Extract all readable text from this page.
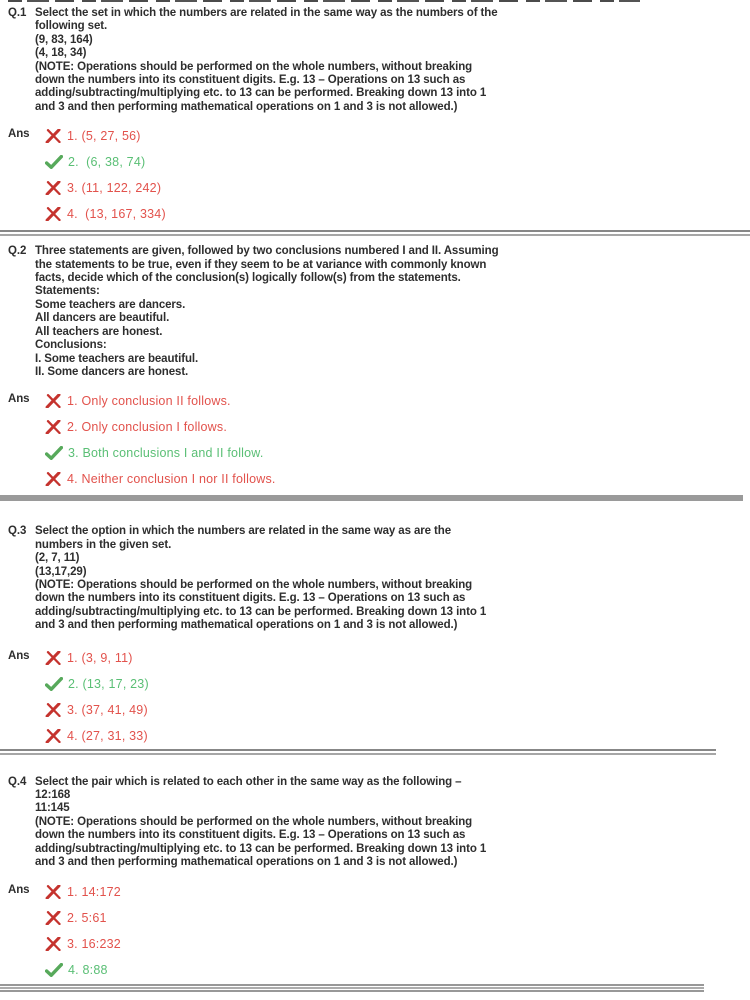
Q.1 Select the set in which the numbers are related in the same way as the numbers of the
following set.
(9, 83, 164)
(4, 18, 34)
(NOTE: Operations should be performed on the whole numbers, without breaking
down the numbers into its constituent digits. E.g. 13 – Operations on 13 such as
adding/subtracting/multiplying etc. to 13 can be performed. Breaking down 13 into 1
and 3 and then performing mathematical operations on 1 and 3 is not allowed.)
Ans	1. (5, 27, 56)
2.  (6, 38, 74)
3. (11, 122, 242)
4.  (13, 167, 334)
Q.2 Three statements are given, followed by two conclusions numbered I and II. Assuming
the statements to be true, even if they seem to be at variance with commonly known
facts, decide which of the conclusion(s) logically follow(s) from the statements.
Statements:
Some teachers are dancers.
All dancers are beautiful.
All teachers are honest.
Conclusions:
I. Some teachers are beautiful.
II. Some dancers are honest.
Ans	1. Only conclusion II follows.
2. Only conclusion I follows.
3. Both conclusions I and II follow.
4. Neither conclusion I nor II follows.
Q.3 Select the option in which the numbers are related in the same way as are the
numbers in the given set.
(2, 7, 11)
(13,17,29)
(NOTE: Operations should be performed on the whole numbers, without breaking
down the numbers into its constituent digits. E.g. 13 – Operations on 13 such as
adding/subtracting/multiplying etc. to 13 can be performed. Breaking down 13 into 1
and 3 and then performing mathematical operations on 1 and 3 is not allowed.)
Ans	1. (3, 9, 11)
2. (13, 17, 23)
3. (37, 41, 49)
4. (27, 31, 33)
Q.4 Select the pair which is related to each other in the same way as the following –
12:168
11:145
(NOTE: Operations should be performed on the whole numbers, without breaking
down the numbers into its constituent digits. E.g. 13 – Operations on 13 such as
adding/subtracting/multiplying etc. to 13 can be performed. Breaking down 13 into 1
and 3 and then performing mathematical operations on 1 and 3 is not allowed.)
Ans	1. 14:172
2. 5:61
3. 16:232
4. 8:88
